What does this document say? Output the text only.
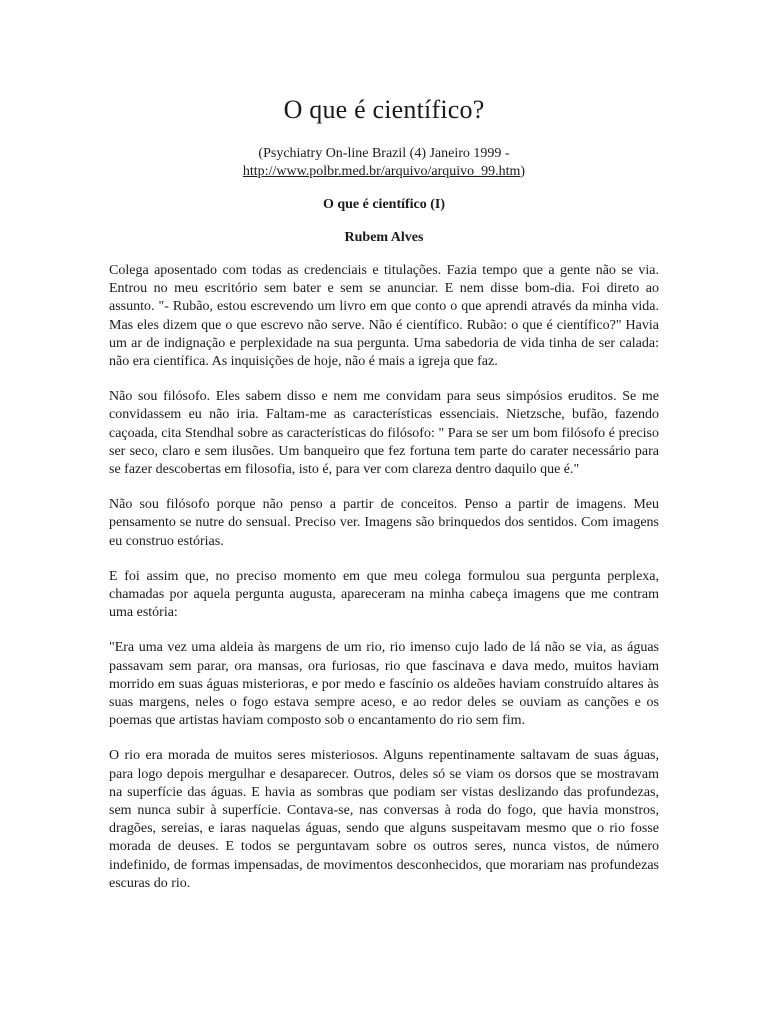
O que é científico?

(Psychiatry On-line Brazil (4) Janeiro 1999 -
http://www.polbr.med.br/arquivo/arquivo_99.htm)

O que é científico (I)

Rubem Alves

Colega aposentado com todas as credenciais e titulações. Fazia tempo que a gente não se via. Entrou no meu escritório sem bater e sem se anunciar. E nem disse bom-dia. Foi direto ao assunto. "- Rubão, estou escrevendo um livro em que conto o que aprendi através da minha vida. Mas eles dizem que o que escrevo não serve. Não é científico. Rubão: o que é científico?" Havia um ar de indignação e perplexidade na sua pergunta. Uma sabedoria de vida tinha de ser calada: não era científica. As inquisições de hoje, não é mais a igreja que faz.

Não sou filósofo. Eles sabem disso e nem me convidam para seus simpósios eruditos. Se me convidassem eu não iria. Faltam-me as características essenciais. Nietzsche, bufão, fazendo caçoada, cita Stendhal sobre as características do filósofo: " Para se ser um bom filósofo é preciso ser seco, claro e sem ilusões. Um banqueiro que fez fortuna tem parte do carater necessário para se fazer descobertas em filosofia, isto é, para ver com clareza dentro daquilo que é."

Não sou filósofo porque não penso a partir de conceitos. Penso a partir de imagens. Meu pensamento se nutre do sensual. Preciso ver. Imagens são brinquedos dos sentidos. Com imagens eu construo estórias.

E foi assim que, no preciso momento em que meu colega formulou sua pergunta perplexa, chamadas por aquela pergunta augusta, apareceram na minha cabeça imagens que me contram uma estória:

"Era uma vez uma aldeia às margens de um rio, rio imenso cujo lado de lá não se via, as águas passavam sem parar, ora mansas, ora furiosas, rio que fascinava e dava medo, muitos haviam morrido em suas águas misterioras, e por medo e fascínio os aldeões haviam construído altares às suas margens, neles o fogo estava sempre aceso, e ao redor deles se ouviam as canções e os poemas que artistas haviam composto sob o encantamento do rio sem fim.

O rio era morada de muitos seres misteriosos. Alguns repentinamente saltavam de suas águas, para logo depois mergulhar e desaparecer. Outros, deles só se viam os dorsos que se mostravam na superfície das águas. E havia as sombras que podiam ser vistas deslizando das profundezas, sem nunca subir à superfície. Contava-se, nas conversas à roda do fogo, que havia monstros, dragões, sereias, e iaras naquelas águas, sendo que alguns suspeitavam mesmo que o rio fosse morada de deuses. E todos se perguntavam sobre os outros seres, nunca vistos, de número indefinido, de formas impensadas, de movimentos desconhecidos, que morariam nas profundezas escuras do rio.
